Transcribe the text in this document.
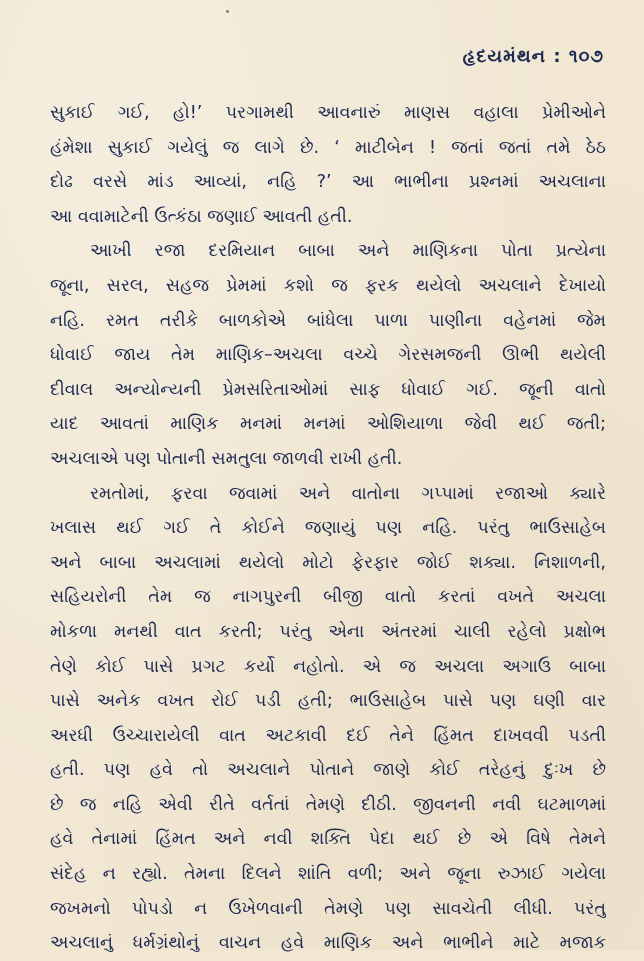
હૃદયમંથન : ૧૦૭
સુકાઈ ગઈ, હો!’ પરગામથી આવનારું માણસ વહાલા પ્રેમીઓને
હંમેશા સુકાઈ ગયેલું જ લાગે છે. ‘ માટીબેન ! જતાં જતાં તમે ઠેઠ
દોઢ વરસે માંડ આવ્યાં, નહિ ?’ આ ભાભીના પ્રશ્નમાં અચલાના
આ વવામાટેની ઉત્કંઠા જણાઈ આવતી હતી.
આખી રજા દરમિયાન બાબા અને માણિકના પોતા પ્રત્યેના
જૂના, સરલ, સહજ પ્રેમમાં કશો જ ફરક થયેલો અચલાને દેખાયો
નહિ. રમત તરીકે બાળકોએ બાંધેલા પાળા પાણીના વહેનમાં જેમ
ધોવાઈ જાય તેમ માણિક–અચલા વચ્ચે ગેરસમજની ઊભી થયેલી
દીવાલ અન્યોન્યની પ્રેમસરિતાઓમાં સાફ ધોવાઈ ગઈ. જૂની વાતો
યાદ આવતાં માણિક મનમાં મનમાં ઓશિયાળા જેવી થઈ જતી;
અચલાએ પણ પોતાની સમતુલા જાળવી રાખી હતી.
રમતોમાં, ફરવા જવામાં અને વાતોના ગપ્પામાં રજાઓ ક્યારે
ખલાસ થઈ ગઈ તે કોઈને જણાયું પણ નહિ. પરંતુ ભાઉસાહેબ
અને બાબા અચલામાં થયેલો મોટો ફેરફાર જોઈ શક્યા. નિશાળની,
સહિયરોની તેમ જ નાગપુરની બીજી વાતો કરતાં વખતે અચલા
મોકળા મનથી વાત કરતી; પરંતુ એના અંતરમાં ચાલી રહેલો પ્રક્ષોભ
તેણે કોઈ પાસે પ્રગટ કર્યો નહોતો. એ જ અચલા અગાઉ બાબા
પાસે અનેક વખત રોઈ પડી હતી; ભાઉસાહેબ પાસે પણ ઘણી વાર
અરધી ઉચ્ચારાયેલી વાત અટકાવી દઈ તેને હિંમત દાખવવી પડતી
હતી. પણ હવે તો અચલાને પોતાને જાણે કોઈ તરેહનું દુઃખ છે
છે જ નહિ એવી રીતે વર્તતાં તેમણે દીઠી. જીવનની નવી ઘટમાળમાં
હવે તેનામાં હિંમત અને નવી શક્તિ પેદા થઈ છે એ વિષે તેમને
સંદેહ ન રહ્યો. તેમના દિલને શાંતિ વળી; અને જૂના રુઝાઈ ગયેલા
જખમનો પોપડો ન ઉખેળવાની તેમણે પણ સાવચેતી લીધી. પરંતુ
અચલાનું ધર્મગ્રંથોનું વાચન હવે માણિક અને ભાભીને માટે મજાક
